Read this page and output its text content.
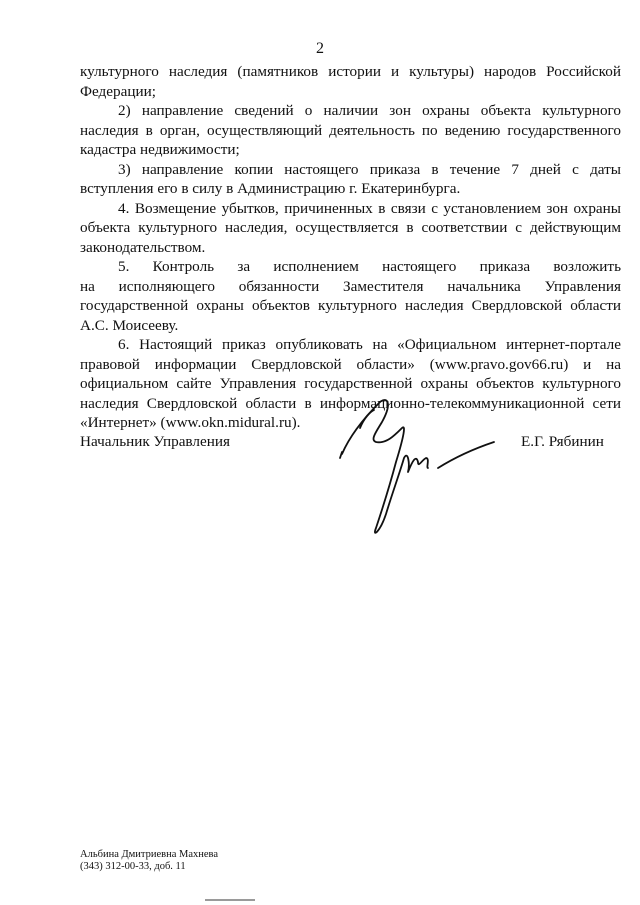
2

культурного наследия (памятников истории и культуры) народов Российской Федерации;

2) направление сведений о наличии зон охраны объекта культурного наследия в орган, осуществляющий деятельность по ведению государственного кадастра недвижимости;

3) направление копии настоящего приказа в течение 7 дней с даты вступления его в силу в Администрацию г. Екатеринбурга.

4. Возмещение убытков, причиненных в связи с установлением зон охраны объекта культурного наследия, осуществляется в соответствии с действующим законодательством.

5. Контроль за исполнением настоящего приказа возложить

на исполняющего обязанности Заместителя начальника Управления государственной охраны объектов культурного наследия Свердловской области А.С. Моисееву.

6. Настоящий приказ опубликовать на «Официальном интернет-портале правовой информации Свердловской области» (www.pravo.gov66.ru) и на официальном сайте Управления государственной охраны объектов культурного наследия Свердловской области в информационно-телекоммуникационной сети «Интернет» (www.okn.midural.ru).

Начальник Управления	Е.Г. Рябинин
Альбина Дмитриевна Махнева
(343) 312-00-33, доб. 11
